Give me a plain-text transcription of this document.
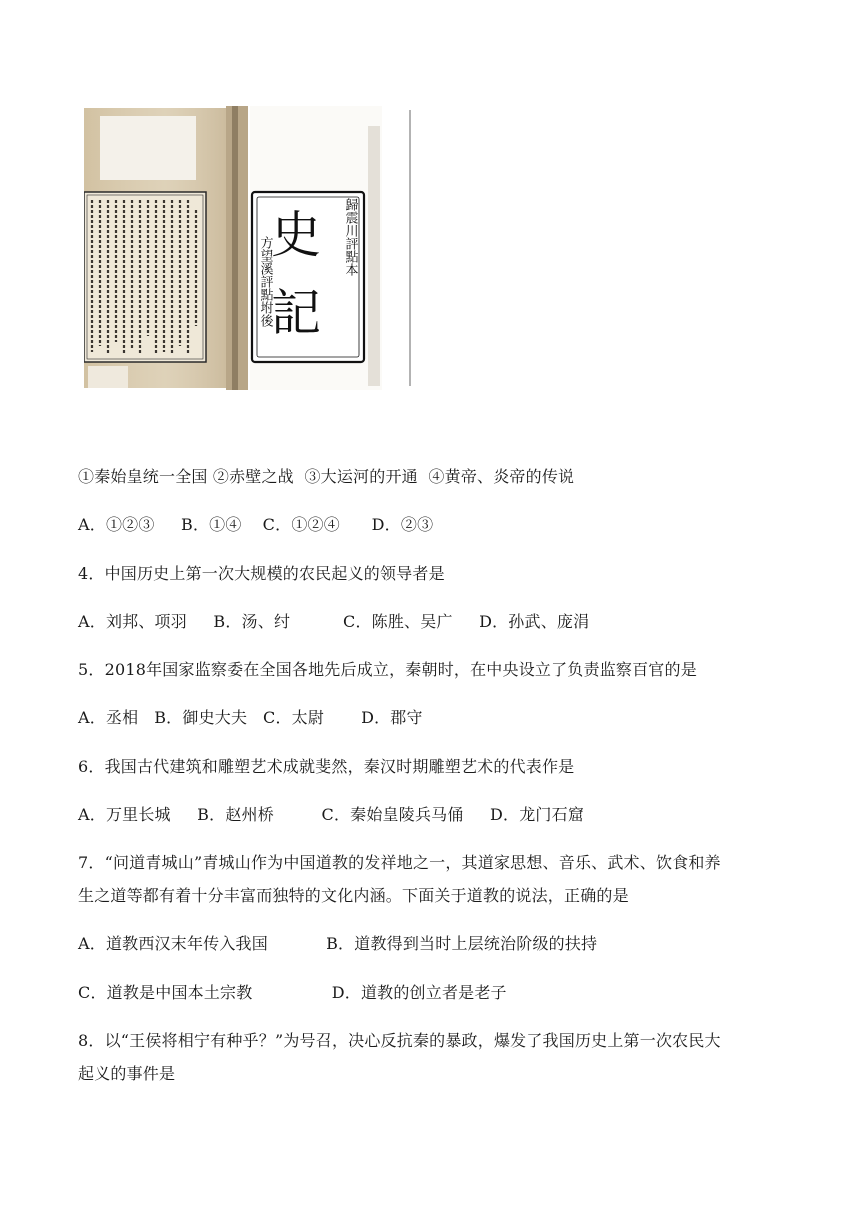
史
記
歸震川評點本
方望溪評點坿後
①秦始皇统一全国 ②赤壁之战  ③大运河的开通  ④黄帝、炎帝的传说
A．①②③     B．①④    C．①②④      D．②③
4．中国历史上第一次大规模的农民起义的领导者是
A．刘邦、项羽     B．汤、纣          C．陈胜、吴广     D．孙武、庞涓
5．2018年国家监察委在全国各地先后成立，秦朝时，在中央设立了负责监察百官的是
A．丞相   B．御史大夫   C．太尉       D．郡守
6．我国古代建筑和雕塑艺术成就斐然，秦汉时期雕塑艺术的代表作是
A．万里长城     B．赵州桥         C．秦始皇陵兵马俑     D．龙门石窟
7．“问道青城山”青城山作为中国道教的发祥地之一，其道家思想、音乐、武术、饮食和养
生之道等都有着十分丰富而独特的文化内涵。下面关于道教的说法，正确的是
A．道教西汉末年传入我国           B．道教得到当时上层统治阶级的扶持
C．道教是中国本土宗教               D．道教的创立者是老子
8．以“王侯将相宁有种乎？”为号召，决心反抗秦的暴政，爆发了我国历史上第一次农民大
起义的事件是
